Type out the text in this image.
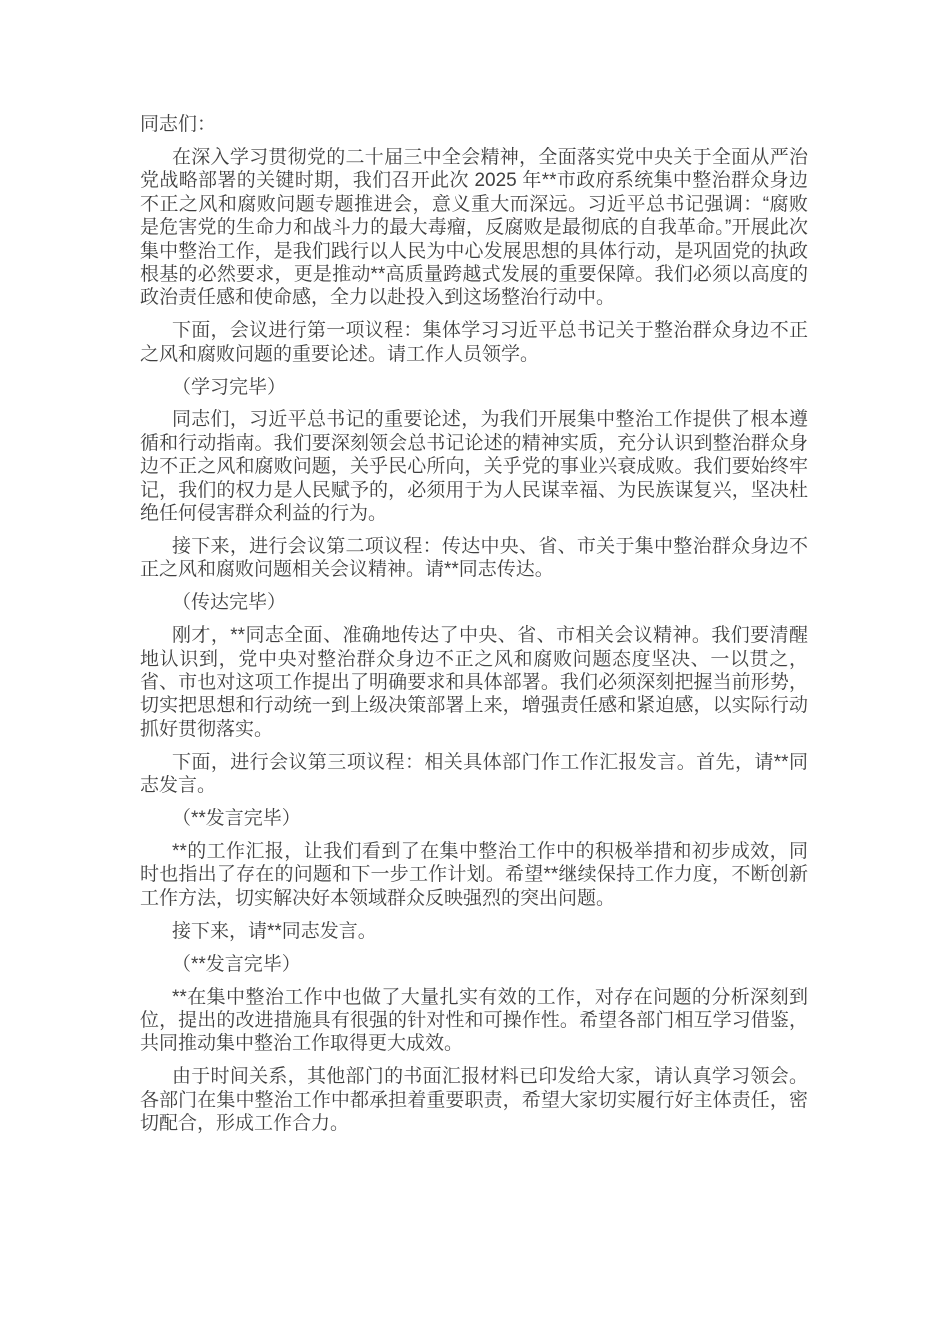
同志们：

在深入学习贯彻党的二十届三中全会精神，全面落实党中央关于全面从严治党战略部署的关键时期，我们召开此次 2025 年**市政府系统集中整治群众身边不正之风和腐败问题专题推进会，意义重大而深远。习近平总书记强调：“腐败是危害党的生命力和战斗力的最大毒瘤，反腐败是最彻底的自我革命。”开展此次集中整治工作，是我们践行以人民为中心发展思想的具体行动，是巩固党的执政根基的必然要求，更是推动**高质量跨越式发展的重要保障。我们必须以高度的政治责任感和使命感，全力以赴投入到这场整治行动中。

下面，会议进行第一项议程：集体学习习近平总书记关于整治群众身边不正之风和腐败问题的重要论述。请工作人员领学。

（学习完毕）

同志们，习近平总书记的重要论述，为我们开展集中整治工作提供了根本遵循和行动指南。我们要深刻领会总书记论述的精神实质，充分认识到整治群众身边不正之风和腐败问题，关乎民心所向，关乎党的事业兴衰成败。我们要始终牢记，我们的权力是人民赋予的，必须用于为人民谋幸福、为民族谋复兴，坚决杜绝任何侵害群众利益的行为。

接下来，进行会议第二项议程：传达中央、省、市关于集中整治群众身边不正之风和腐败问题相关会议精神。请**同志传达。

（传达完毕）

刚才，**同志全面、准确地传达了中央、省、市相关会议精神。我们要清醒地认识到，党中央对整治群众身边不正之风和腐败问题态度坚决、一以贯之，省、市也对这项工作提出了明确要求和具体部署。我们必须深刻把握当前形势，切实把思想和行动统一到上级决策部署上来，增强责任感和紧迫感，以实际行动抓好贯彻落实。

下面，进行会议第三项议程：相关具体部门作工作汇报发言。首先，请**同志发言。

（**发言完毕）

**的工作汇报，让我们看到了在集中整治工作中的积极举措和初步成效，同时也指出了存在的问题和下一步工作计划。希望**继续保持工作力度，不断创新工作方法，切实解决好本领域群众反映强烈的突出问题。

接下来，请**同志发言。

（**发言完毕）

**在集中整治工作中也做了大量扎实有效的工作，对存在问题的分析深刻到位，提出的改进措施具有很强的针对性和可操作性。希望各部门相互学习借鉴，共同推动集中整治工作取得更大成效。

由于时间关系，其他部门的书面汇报材料已印发给大家，请认真学习领会。各部门在集中整治工作中都承担着重要职责，希望大家切实履行好主体责任，密切配合，形成工作合力。
